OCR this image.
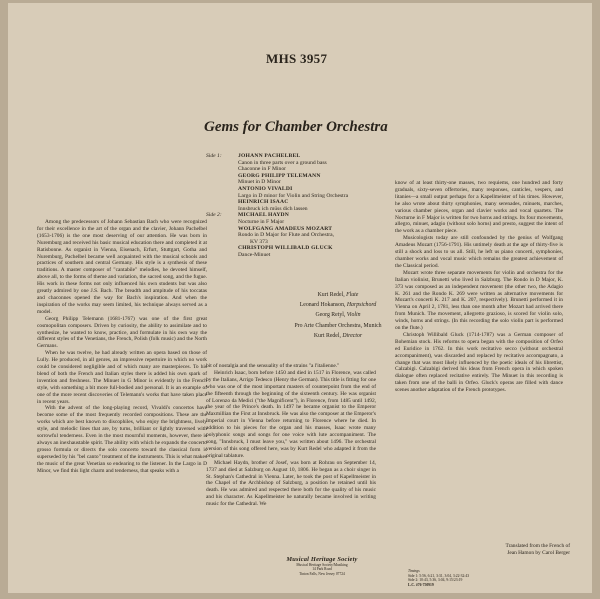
MHS 3957
Gems for Chamber Orchestra
Side 1:	JOHANN PACHELBEL
Canon in three parts over a ground bass
Chaconne in F Minor
GEORG PHILIPP TELEMANN
Minuet in D Minor
ANTONIO VIVALDI
Largo in D minor for Violin and String Orchestra
HEINRICH ISAAC
Innsbruck ich müss dich lassen
Side 2:	MICHAEL HAYDN
Nocturne in F Major
WOLFGANG AMADEUS MOZART
Rondo in D Major for Flute and Orchestra,
KV 373
CHRISTOPH WILLIBALD GLUCK
Dance-Minuet
Kurt Redel, Flute
Leonard Hokanson, Harpsichord
Georg Retyl, Violin
Pro Arte Chamber Orchestra, Munich
Kurt Redel, Director

Among the predecessors of Johann Sebastian Bach who were recognized for their excellence in the art of the organ and the clavier, Johann Pachelbel (1653-1706) is the one most deserving of our attention. He was born in Nuremburg and received his basic musical education there and completed it at Ratisbonne. As organist in Vienna, Eisenach, Erfurt, Stuttgart, Gotha and Nuremburg, Pachelbel became well acquainted with the musical schools and practices of southern and central Germany. His style is a synthesis of these traditions. A master composer of "cantabile" melodies, he devoted himself, above all, to the forms of theme and variation, the sacred song, and the fugue. His work in these forms not only influenced his own students but was also greatly admired by one J.S. Bach. The breadth and ampitude of his toccatas and chaconnes opened the way for Bach's inspiration. And when the inspiration of the works may seem limited, his technique always served as a model.

Georg Philipp Telemann (1681-1767) was one of the first great cosmopolitan composers. Driven by curiosity, the ability to assimilate and to synthesize, he wanted to know, practice, and formulate in his own way the different styles of the Venetians, the French, Polish (folk music) and the North Germans.

When he was twelve, he had already written an opera based on those of Lully. He produced, in all genres, an impressive repertoire in which no work could be considered negligible and of which many are masterpieces. To his blend of both the French and Italian styles there is added his own spark of invention and freshness. The Minuet in G Minor is evidently in the French style, with something a bit more full-bodied and personal. It is an example of one of the more recent discoveries of Telemann's works that have taken place in recent years.

With the advent of the long-playing record, Vivaldi's concertos have become some of the most frequently recorded compositions. These are the works which are best known to discophiles, who enjoy the brightness, lively style, and melodic lines that are, by turns, brilliant or lightly traversed with sorrowful tenderness. Even in the most mournful moments, however, there is always an inexhaustable spirit. The ability with which he expands the concerto grosso formula or directs the solo concerto toward the classical form is superseded by his "bel canto" treatment of the instruments. This is what makes the music of the great Venetian so endearing to the listener. In the Largo in D Minor, we find this light charm and tenderness, that speaks with a

bit of nostalgia and the sensuality of the strains "a l'italienne."

Heinrich Isaac, born before 1450 and died in 1517 in Florence, was called by the Italians, Arrigo Tedesco (Henry the German). This title is fitting for one who was one of the most important masters of counterpoint from the end of the fifteenth through the beginning of the sixteenth century. He was organist of Lorenzo da Medici ("the Magnificent"), in Florence, from 1485 until 1492, the year of the Prince's death. In 1497 he became organist to the Emperor Maxmillian the First at Innsbruck. He was also the composer at the Emperor's Imperial court in Vienna before returning to Florence where he died. In addition to his pieces for the organ and his masses, Isaac wrote many polyphonic songs and songs for one voice with lute accompaniment. The song, "Innsbruck, I must leave you," was written about 1496. The orchestral version of this song offered here, was by Kurt Redel who adapted it from the original tablature.

Michael Haydn, brother of Josef, was born at Rohrau on September 14, 1737 and died at Salzburg on August 10, 1806. He began as a choir singer in St. Stephan's Cathedral in Vienna. Later, he took the post of Kapellmeister in the Chapel of the Archbishop of Salzburg, a position he retained until his death. He was admired and respected there both for the quality of his music and his character. As Kapellmeister he naturally became involved in writing music for the Cathedral. We

know of at least thirty-one masses, two requiems, one hundred and forty graduals, sixty-seven offertories, many responses, canticles, vespers, and litanies—a small output perhaps for a Kapellmeister of his times. However, he also wrote about thirty symphonies, many serenades, minuets, marches, various chamber pieces, organ and clavier works and vocal quartets. The Nocturne in F Major is written for two horns and strings. Its four movements, allegro, minuet, adagio (without solo horns) and presto, suggest the intent of the work as a chamber piece.

Musicologists today are still confounded by the genius of Wolfgang Amadeus Mozart (1756-1791). His untimely death at the age of thirty-five is still a shock and loss to us all. Still, he left us piano concerti, symphonies, chamber works and vocal music which remains the greatest achievement of the Classical period.

Mozart wrote three separate movements for violin and orchestra for the Italian violinist, Brunetti who lived in Salzburg. The Rondo in D Major, K. 373 was composed as an independent movement (the other two, the Adagio K. 261 and the Rondo K. 269 were written as alternative movements for Mozart's concerti K. 217 and K. 207, respectively). Brunetti performed it in Vienna on April 2, 1781, less than one month after Mozart had arrived there from Munich. The movement, allegretto grazioso, is scored for violin solo, winds, horns and strings. (In this recording the solo violin part is performed on the flute.)

Christoph Willibald Gluck (1714-1787) was a German composer of Bohemian stock. His reforms to opera began with the composition of Orfeo ed Euridice in 1762. In this work recitativo secco (without orchestral accompaniment), was discarded and replaced by recitativo accompagnato, a change that was most likely influenced by the poetic ideals of his librettist, Calzabigi. Calzabigi derived his ideas from French opera in which spoken dialogue often replaced recitative entirely. The Minuet in this recording is taken from one of the balli in Orfeo. Gluck's operas are filled with dance scenes another adaptation of the French prototypes.

Translated from the French of
Jean Hamon by Carol Berger
Musical Heritage Society
Musical Heritage Society/Musiking
14 Park Road
Tinton Falls, New Jersey 07724
Timings
Side 1: 5:56, 6:21, 3:31, 3:04, 3:22-32:43
Side 2: 10:43, 5:36, 3:04, 9:15/23:19
L.C. #76-750919
